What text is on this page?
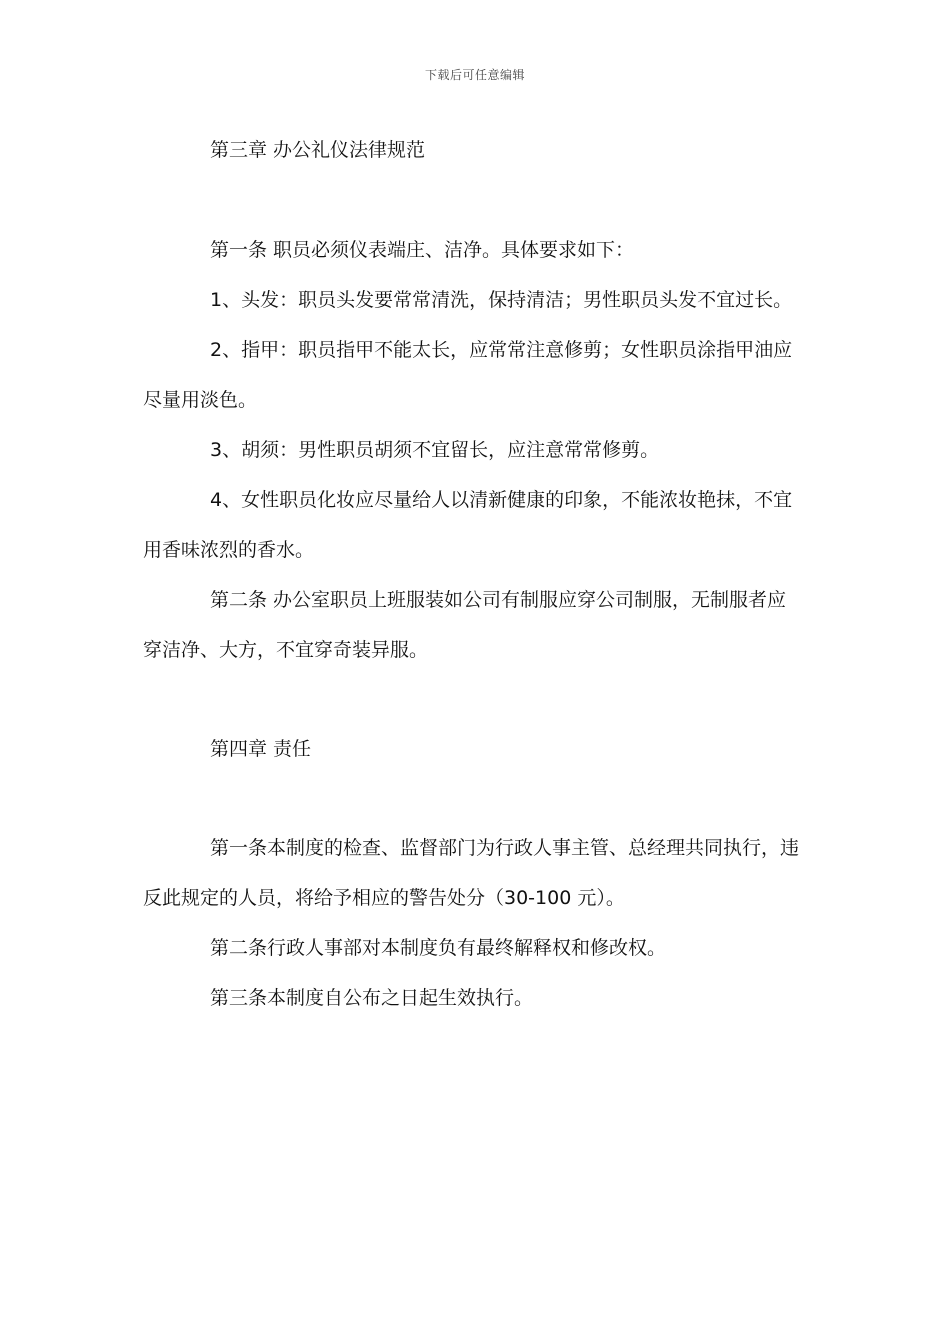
下载后可任意编辑
第三章 办公礼仪法律规范
第一条 职员必须仪表端庄、洁净。具体要求如下：
1、头发：职员头发要常常清洗，保持清洁；男性职员头发不宜过长。
2、指甲：职员指甲不能太长，应常常注意修剪；女性职员涂指甲油应
尽量用淡色。
3、胡须：男性职员胡须不宜留长，应注意常常修剪。
4、女性职员化妆应尽量给人以清新健康的印象，不能浓妆艳抹，不宜
用香味浓烈的香水。
第二条 办公室职员上班服装如公司有制服应穿公司制服，无制服者应
穿洁净、大方，不宜穿奇装异服。
第四章 责任
第一条本制度的检查、监督部门为行政人事主管、总经理共同执行，违
反此规定的人员，将给予相应的警告处分（30-100 元）。
第二条行政人事部对本制度负有最终解释权和修改权。
第三条本制度自公布之日起生效执行。
